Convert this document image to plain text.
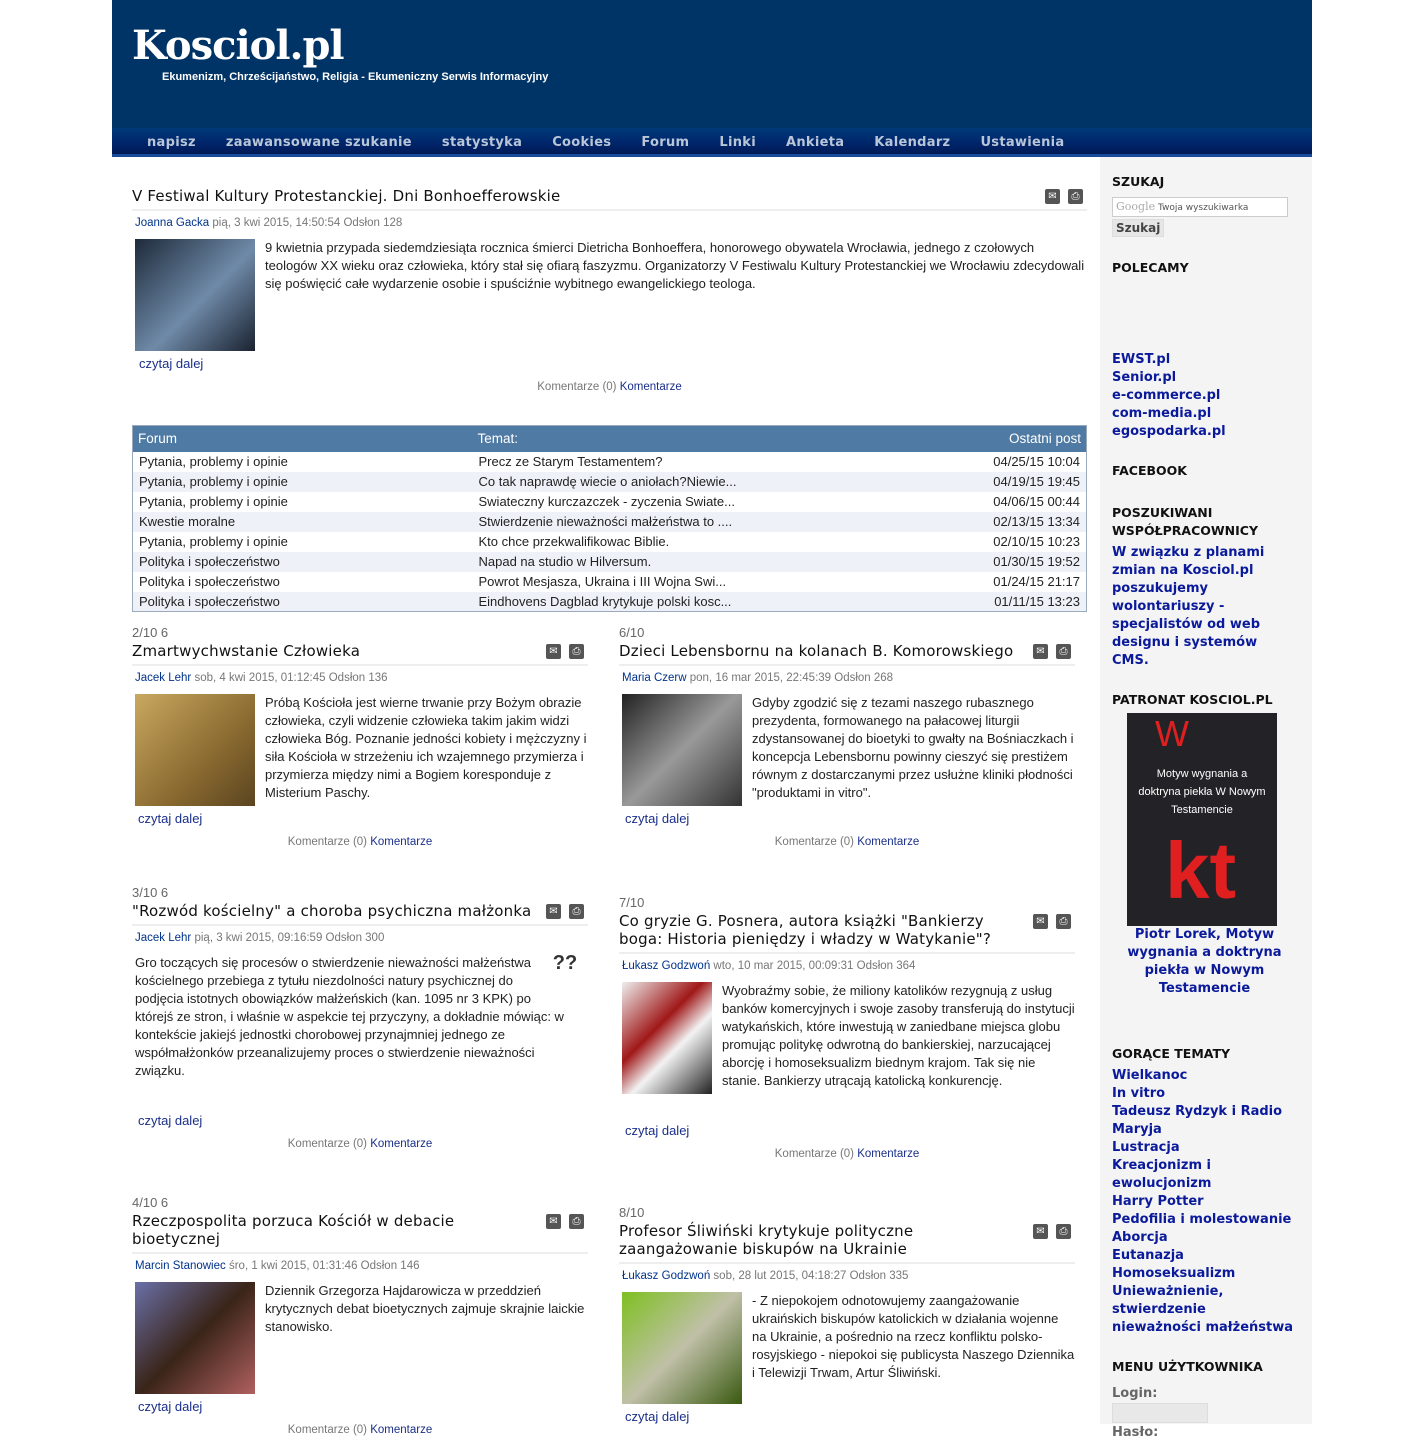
Kosciol.pl
Ekumenizm, Chrześcijaństwo, Religia - Ekumeniczny Serwis Informacyjny
napisz zaawansowane szukanie statystyka Cookies Forum Linki Ankieta Kalendarz Ustawienia
V Festiwal Kultury Protestanckiej. Dni Bonhoefferowskie	✉	⎙
Joanna Gacka pią, 3 kwi 2015, 14:50:54 Odsłon 128
9 kwietnia przypada siedemdziesiąta rocznica śmierci Dietricha Bonhoeffera, honorowego obywatela Wrocławia, jednego z czołowych teologów XX wieku oraz człowieka, który stał się ofiarą faszyzmu. Organizatorzy V Festiwalu Kultury Protestanckiej we Wrocławiu zdecydowali się poświęcić całe wydarzenie osobie i spuściźnie wybitnego ewangelickiego teologa.
czytaj dalej
Komentarze (0) Komentarze
Forum	Temat:	Ostatni post
Pytania, problemy i opinie	Precz ze Starym Testamentem?	04/25/15 10:04
Pytania, problemy i opinie	Co tak naprawdę wiecie o aniołach?Niewie...	04/19/15 19:45
Pytania, problemy i opinie	Swiateczny kurczazczek - zyczenia Swiate...	04/06/15 00:44
Kwestie moralne	Stwierdzenie nieważności małżeństwa to ....	02/13/15 13:34
Pytania, problemy i opinie	Kto chce przekwalifikowac Biblie.	02/10/15 10:23
Polityka i społeczeństwo	Napad na studio w Hilversum.	01/30/15 19:52
Polityka i społeczeństwo	Powrot Mesjasza, Ukraina i III Wojna Swi...	01/24/15 21:17
Polityka i społeczeństwo	Eindhovens Dagblad krytykuje polski kosc...	01/11/15 13:23
2/10 6
Zmartwychwstanie Człowieka	✉	⎙
Jacek Lehr sob, 4 kwi 2015, 01:12:45 Odsłon 136
Próbą Kościoła jest wierne trwanie przy Bożym obrazie człowieka, czyli widzenie człowieka takim jakim widzi człowieka Bóg. Poznanie jedności kobiety i mężczyzny i siła Kościoła w strzeżeniu ich wzajemnego przymierza i przymierza między nimi a Bogiem koresponduje z Misterium Paschy.
czytaj dalej
Komentarze (0) Komentarze
6/10
Dzieci Lebensbornu na kolanach B. Komorowskiego	✉	⎙
Maria Czerw pon, 16 mar 2015, 22:45:39 Odsłon 268
Gdyby zgodzić się z tezami naszego rubasznego prezydenta, formowanego na pałacowej liturgii zdystansowanej do bioetyki to gwałty na Bośniaczkach i koncepcja Lebensbornu powinny cieszyć się prestiżem równym z dostarczanymi przez usłużne kliniki płodności "produktami in vitro".
czytaj dalej
Komentarze (0) Komentarze
3/10 6
"Rozwód kościelny" a choroba psychiczna małżonka	✉	⎙
Jacek Lehr pią, 3 kwi 2015, 09:16:59 Odsłon 300
??
Gro toczących się procesów o stwierdzenie nieważności małżeństwa kościelnego przebiega z tytułu niezdolności natury psychicznej do podjęcia istotnych obowiązków małżeńskich (kan. 1095 nr 3 KPK) po którejś ze stron, i właśnie w aspekcie tej przyczyny, a dokładnie mówiąc: w kontekście jakiejś jednostki chorobowej przynajmniej jednego ze współmałżonków przeanalizujemy proces o stwierdzenie nieważności związku.
czytaj dalej
Komentarze (0) Komentarze
7/10
Co gryzie G. Posnera, autora książki "Bankierzy boga: Historia pieniędzy i władzy w Watykanie"?
✉	⎙
Łukasz Godzwoń wto, 10 mar 2015, 00:09:31 Odsłon 364
Wyobraźmy sobie, że miliony katolików rezygnują z usług banków komercyjnych i swoje zasoby transferują do instytucji watykańskich, które inwestują w zaniedbane miejsca globu promując politykę odwrotną do bankierskiej, narzucającej aborcję i homoseksualizm biednym krajom. Tak się nie stanie. Bankierzy utrącają katolicką konkurencję.
czytaj dalej
Komentarze (0) Komentarze
4/10 6
Rzeczpospolita porzuca Kościół w debacie bioetycznej
✉	⎙
Marcin Stanowiec śro, 1 kwi 2015, 01:31:46 Odsłon 146
Dziennik Grzegorza Hajdarowicza w przeddzień krytycznych debat bioetycznych zajmuje skrajnie laickie stanowisko.
czytaj dalej
Komentarze (0) Komentarze
8/10
Profesor Śliwiński krytykuje polityczne zaangażowanie biskupów na Ukrainie
✉	⎙
Łukasz Godzwoń sob, 28 lut 2015, 04:18:27 Odsłon 335
- Z niepokojem odnotowujemy zaangażowanie ukraińskich biskupów katolickich w działania wojenne na Ukrainie, a pośrednio na rzecz konfliktu polsko-rosyjskiego - niepokoi się publicysta Naszego Dziennika i Telewizji Trwam, Artur Śliwiński.
czytaj dalej
SZUKAJ
Google Twoja wyszukiwarka
Szukaj
POLECAMY
EWST.pl
Senior.pl
e-commerce.pl
com-media.pl
egospodarka.pl
FACEBOOK
POSZUKIWANI WSPÓŁPRACOWNICY
W związku z planami zmian na Kosciol.pl poszukujemy wolontariuszy - specjalistów od web designu i systemów CMS.
PATRONAT KOSCIOL.PL
W
Motyw wygnania a doktryna piekła W Nowym Testamencie
kt
Piotr Lorek, Motyw wygnania a doktryna piekła w Nowym Testamencie
GORĄCE TEMATY
Wielkanoc
In vitro
Tadeusz Rydzyk i Radio Maryja
Lustracja
Kreacjonizm i ewolucjonizm
Harry Potter
Pedofilia i molestowanie
Aborcja
Eutanazja
Homoseksualizm
Unieważnienie, stwierdzenie nieważności małżeństwa
MENU UŻYTKOWNIKA
Login:
Hasło:
